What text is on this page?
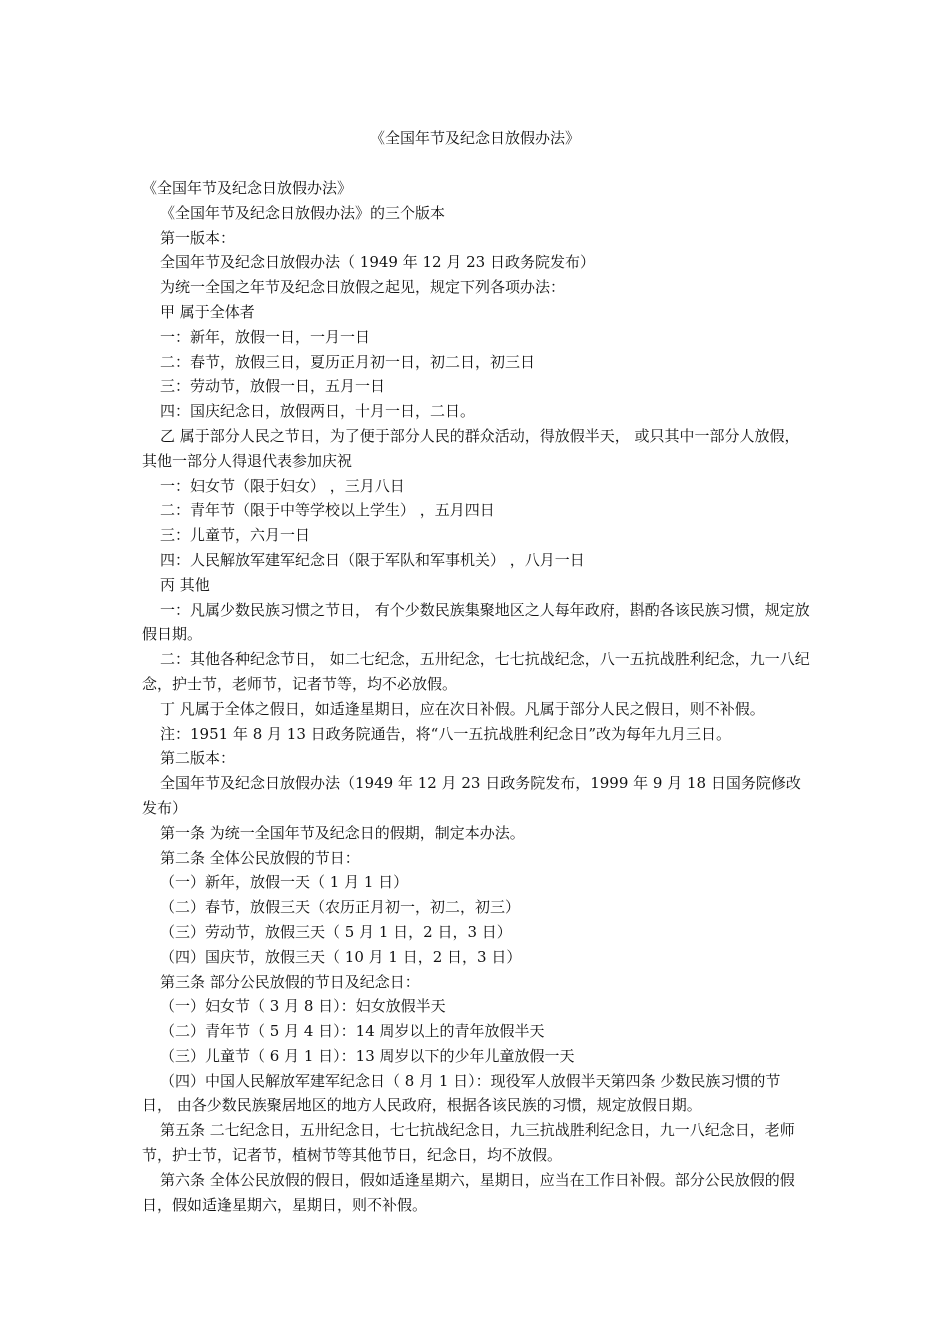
《全国年节及纪念日放假办法》

《全国年节及纪念日放假办法》

《全国年节及纪念日放假办法》的三个版本

第一版本：

全国年节及纪念日放假办法（ 1949 年 12 月 23 日政务院发布）

为统一全国之年节及纪念日放假之起见，规定下列各项办法：

甲 属于全体者

一：新年，放假一日，一月一日

二：春节，放假三日，夏历正月初一日，初二日，初三日

三：劳动节，放假一日，五月一日

四：国庆纪念日，放假两日，十月一日，二日。

乙 属于部分人民之节日，为了便于部分人民的群众活动，得放假半天， 或只其中一部分人放假， 其他一部分人得退代表参加庆祝

一：妇女节（限于妇女） ，三月八日

二：青年节（限于中等学校以上学生） ，五月四日

三：儿童节，六月一日

四：人民解放军建军纪念日（限于军队和军事机关） ，八月一日

丙 其他

一：凡属少数民族习惯之节日， 有个少数民族集聚地区之人每年政府，斟酌各该民族习惯，规定放假日期。

二：其他各种纪念节日， 如二七纪念，五卅纪念，七七抗战纪念，八一五抗战胜利纪念，九一八纪念，护士节，老师节，记者节等，均不必放假。

丁 凡属于全体之假日，如适逢星期日，应在次日补假。凡属于部分人民之假日，则不补假。

注：1951 年 8 月 13 日政务院通告，将“八一五抗战胜利纪念日”改为每年九月三日。

第二版本：

全国年节及纪念日放假办法（1949 年 12 月 23 日政务院发布，1999 年 9 月 18 日国务院修改发布）

第一条 为统一全国年节及纪念日的假期，制定本办法。

第二条 全体公民放假的节日：

（一）新年，放假一天（ 1 月 1 日）

（二）春节，放假三天（农历正月初一，初二，初三）

（三）劳动节，放假三天（ 5 月 1 日，2 日，3 日）

（四）国庆节，放假三天（ 10 月 1 日，2 日，3 日）

第三条 部分公民放假的节日及纪念日：

（一）妇女节（ 3 月 8 日）：妇女放假半天

（二）青年节（ 5 月 4 日）：14 周岁以上的青年放假半天

（三）儿童节（ 6 月 1 日）：13 周岁以下的少年儿童放假一天

（四）中国人民解放军建军纪念日（ 8 月 1 日）：现役军人放假半天第四条 少数民族习惯的节日， 由各少数民族聚居地区的地方人民政府，根据各该民族的习惯，规定放假日期。

第五条 二七纪念日，五卅纪念日，七七抗战纪念日，九三抗战胜利纪念日，九一八纪念日，老师节，护士节，记者节，植树节等其他节日，纪念日，均不放假。

第六条 全体公民放假的假日，假如适逢星期六，星期日，应当在工作日补假。部分公民放假的假日，假如适逢星期六，星期日，则不补假。
